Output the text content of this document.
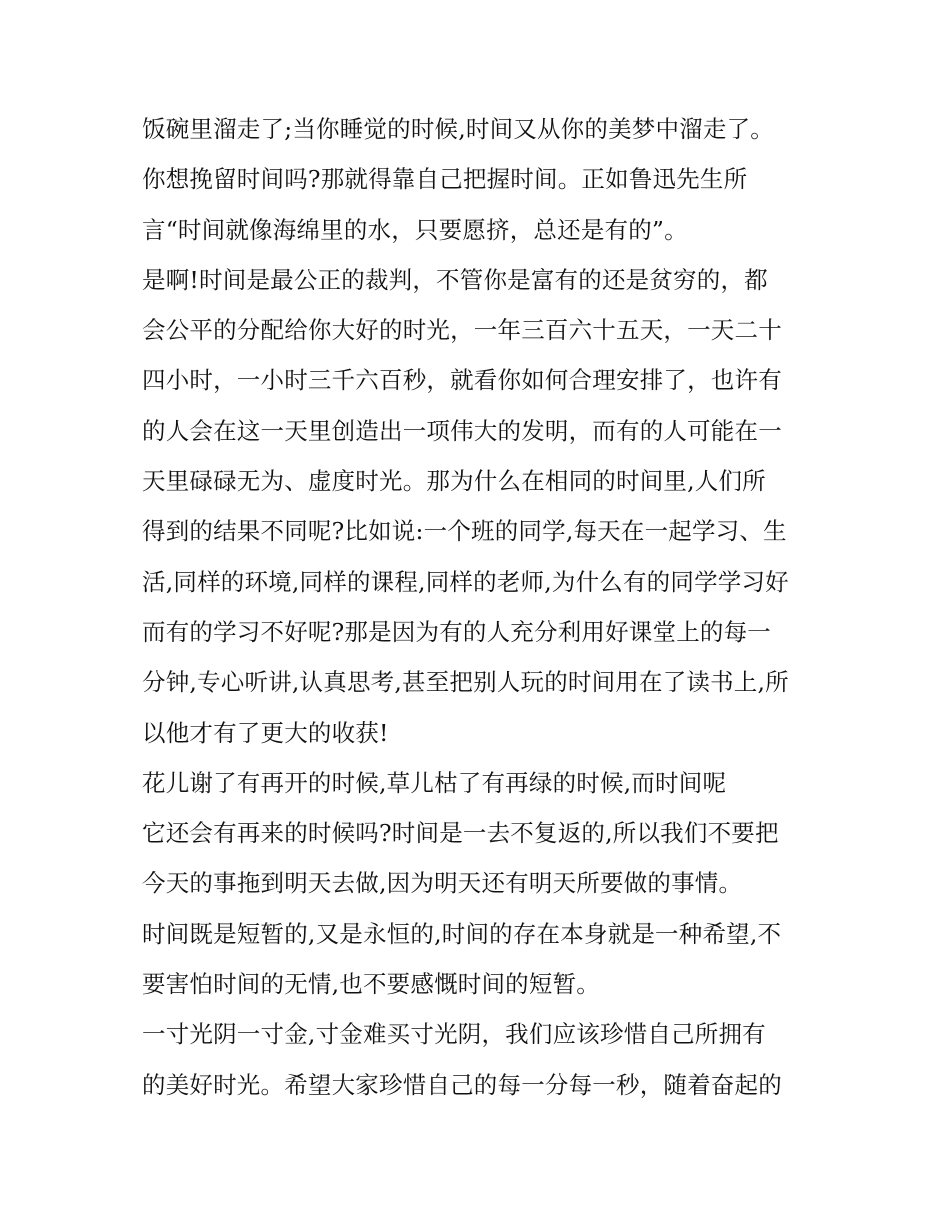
饭碗里溜走了;当你睡觉的时候,时间又从你的美梦中溜走了。
你想挽留时间吗?那就得靠自己把握时间。正如鲁迅先生所
言“时间就像海绵里的水，只要愿挤，总还是有的”。
是啊!时间是最公正的裁判，不管你是富有的还是贫穷的，都
会公平的分配给你大好的时光，一年三百六十五天，一天二十
四小时，一小时三千六百秒，就看你如何合理安排了，也许有
的人会在这一天里创造出一项伟大的发明，而有的人可能在一
天里碌碌无为、虚度时光。那为什么在相同的时间里,人们所
得到的结果不同呢?比如说:一个班的同学,每天在一起学习、生
活,同样的环境,同样的课程,同样的老师,为什么有的同学学习好
而有的学习不好呢?那是因为有的人充分利用好课堂上的每一
分钟,专心听讲,认真思考,甚至把别人玩的时间用在了读书上,所
以他才有了更大的收获!
花儿谢了有再开的时候,草儿枯了有再绿的时候,而时间呢
它还会有再来的时候吗?时间是一去不复返的,所以我们不要把
今天的事拖到明天去做,因为明天还有明天所要做的事情。
时间既是短暂的,又是永恒的,时间的存在本身就是一种希望,不
要害怕时间的无情,也不要感慨时间的短暂。
一寸光阴一寸金,寸金难买寸光阴，我们应该珍惜自己所拥有
的美好时光。希望大家珍惜自己的每一分每一秒，随着奋起的
